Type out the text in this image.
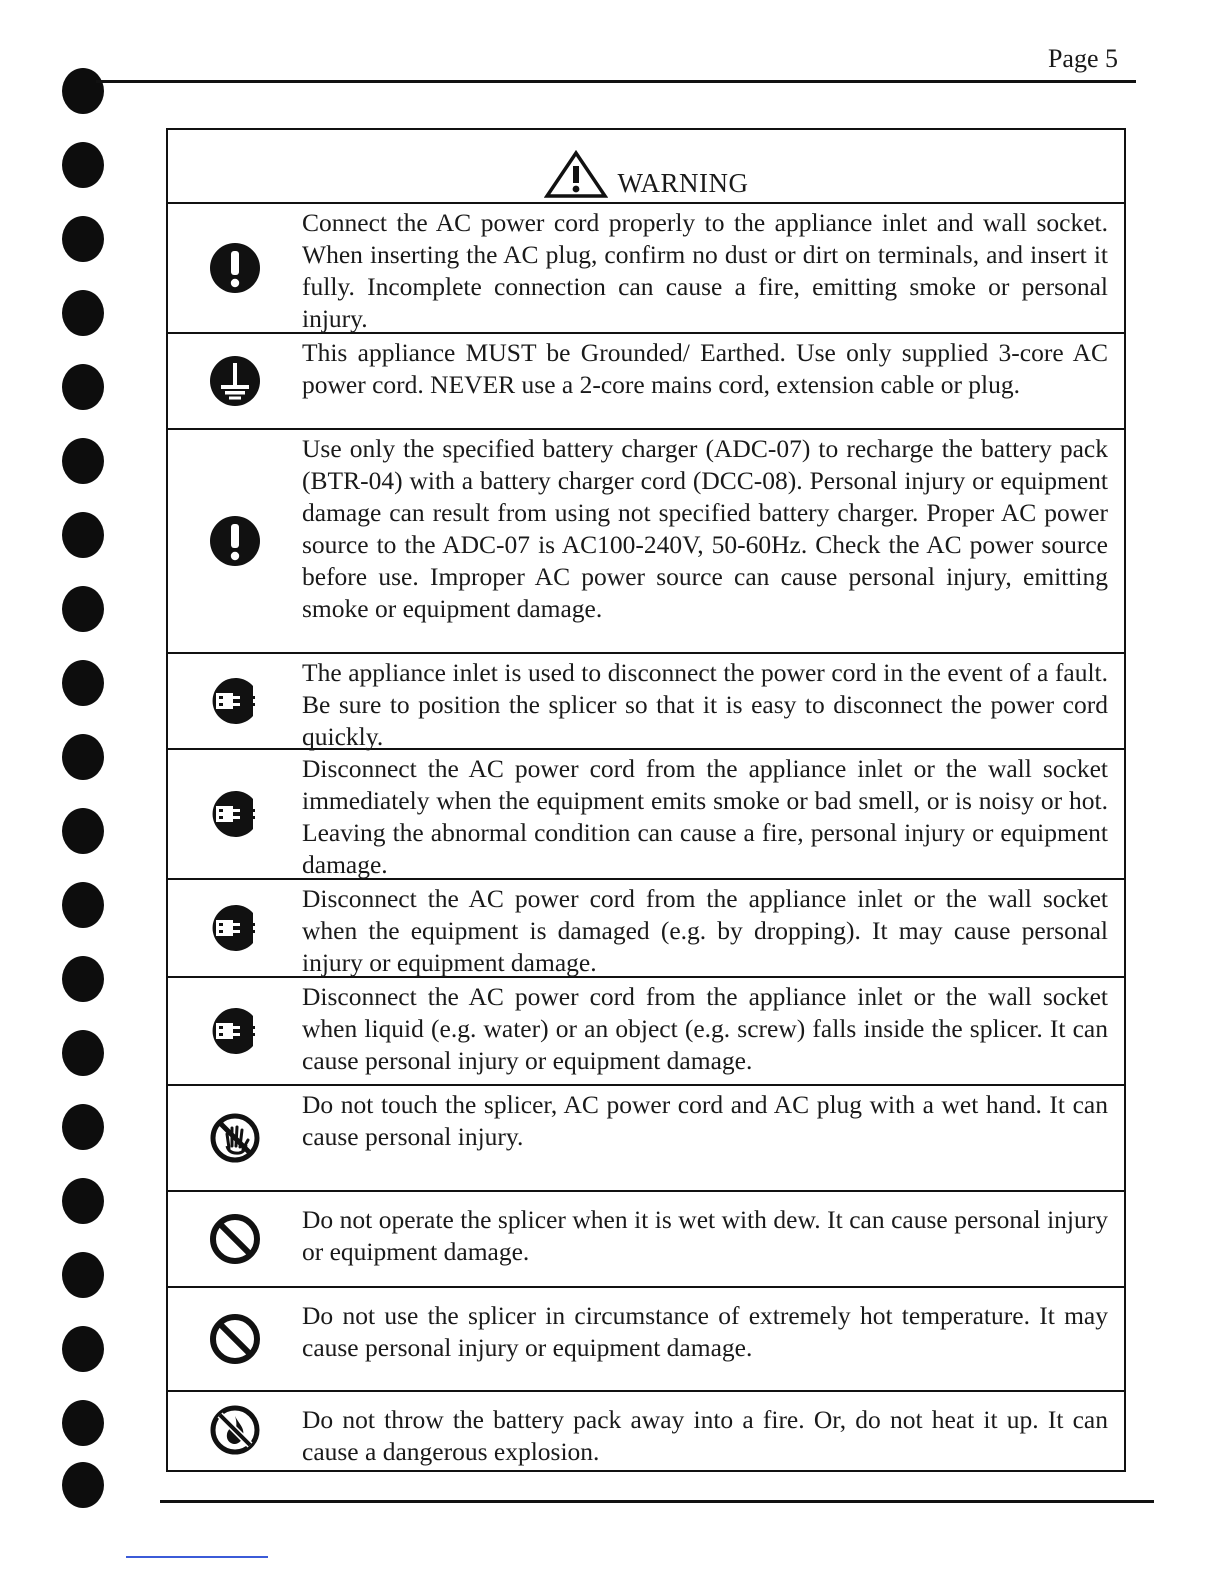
Page 5
WARNING
Connect the AC power cord properly to the appliance inlet and wall socket. When inserting the AC plug, confirm no dust or dirt on terminals, and insert it fully. Incomplete connection can cause a fire, emitting smoke or personal injury.
This appliance MUST be Grounded/ Earthed. Use only supplied 3-core AC power cord. NEVER use a 2-core mains cord, extension cable or plug.
Use only the specified battery charger (ADC-07) to recharge the battery pack (BTR-04) with a battery charger cord (DCC-08). Personal injury or equipment damage can result from using not specified battery charger. Proper AC power source to the ADC-07 is AC100-240V, 50-60Hz. Check the AC power source before use. Improper AC power source can cause personal injury, emitting smoke or equipment damage.
The appliance inlet is used to disconnect the power cord in the event of a fault. Be sure to position the splicer so that it is easy to disconnect the power cord quickly.
Disconnect the AC power cord from the appliance inlet or the wall socket immediately when the equipment emits smoke or bad smell, or is noisy or hot. Leaving the abnormal condition can cause a fire, personal injury or equipment damage.
Disconnect the AC power cord from the appliance inlet or the wall socket when the equipment is damaged (e.g. by dropping). It may cause personal injury or equipment damage.
Disconnect the AC power cord from the appliance inlet or the wall socket when liquid (e.g. water) or an object (e.g. screw) falls inside the splicer. It can cause personal injury or equipment damage.
Do not touch the splicer, AC power cord and AC plug with a wet hand. It can cause personal injury.
Do not operate the splicer when it is wet with dew. It can cause personal injury or equipment damage.
Do not use the splicer in circumstance of extremely hot temperature. It may cause personal injury or equipment damage.
Do not throw the battery pack away into a fire. Or, do not heat it up. It can cause a dangerous explosion.
